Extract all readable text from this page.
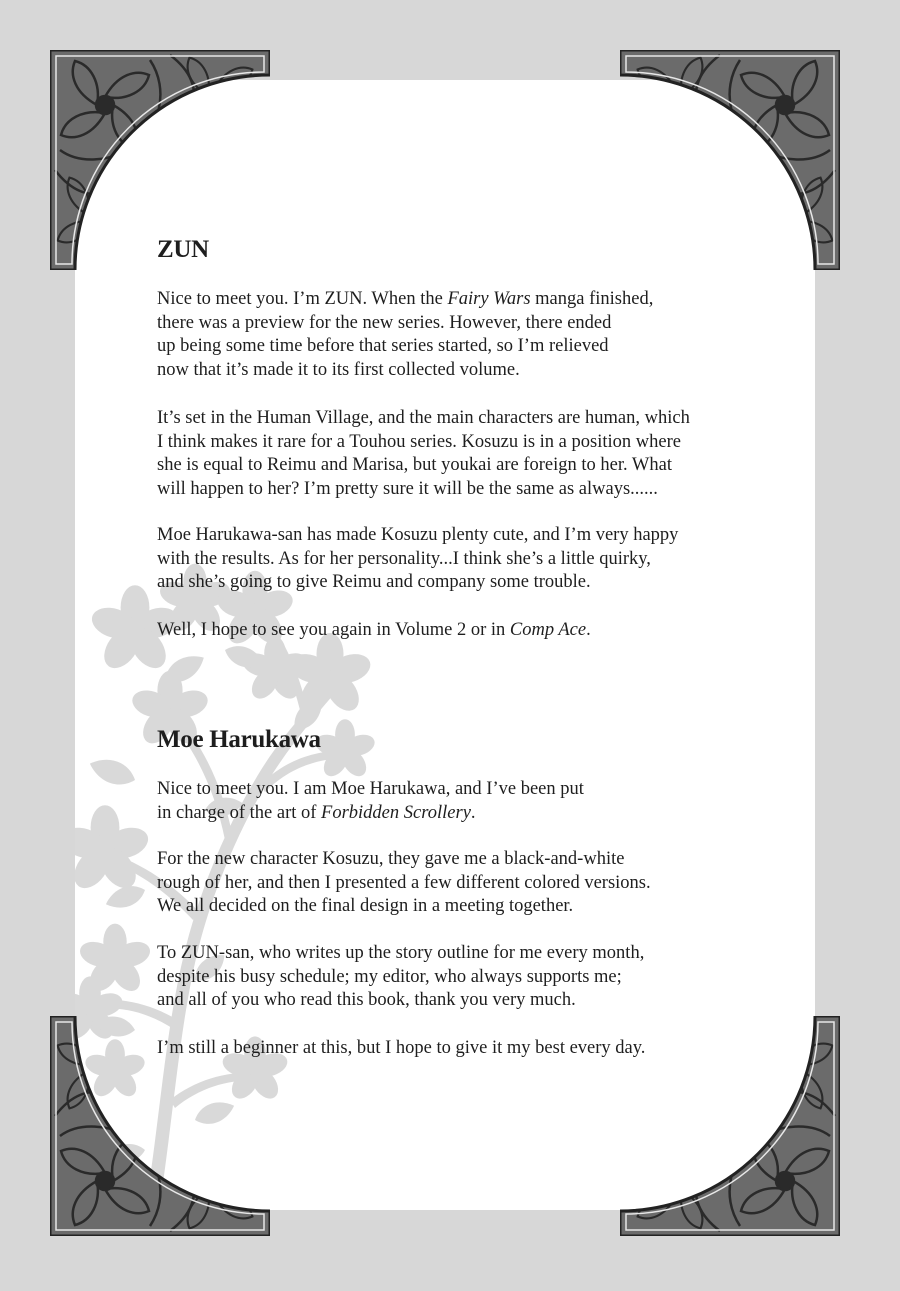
ZUN

Nice to meet you. I’m ZUN. When the Fairy Wars manga finished,
there was a preview for the new series. However, there ended
up being some time before that series started, so I’m relieved
now that it’s made it to its first collected volume.

It’s set in the Human Village, and the main characters are human, which
I think makes it rare for a Touhou series. Kosuzu is in a position where
she is equal to Reimu and Marisa, but youkai are foreign to her. What
will happen to her? I’m pretty sure it will be the same as always......

Moe Harukawa-san has made Kosuzu plenty cute, and I’m very happy
with the results. As for her personality...I think she’s a little quirky,
and she’s going to give Reimu and company some trouble.

Well, I hope to see you again in Volume 2 or in Comp Ace.

Moe Harukawa

Nice to meet you. I am Moe Harukawa, and I’ve been put
in charge of the art of Forbidden Scrollery.

For the new character Kosuzu, they gave me a black-and-white
rough of her, and then I presented a few different colored versions.
We all decided on the final design in a meeting together.

To ZUN-san, who writes up the story outline for me every month,
despite his busy schedule; my editor, who always supports me;
and all of you who read this book, thank you very much.

I’m still a beginner at this, but I hope to give it my best every day.
